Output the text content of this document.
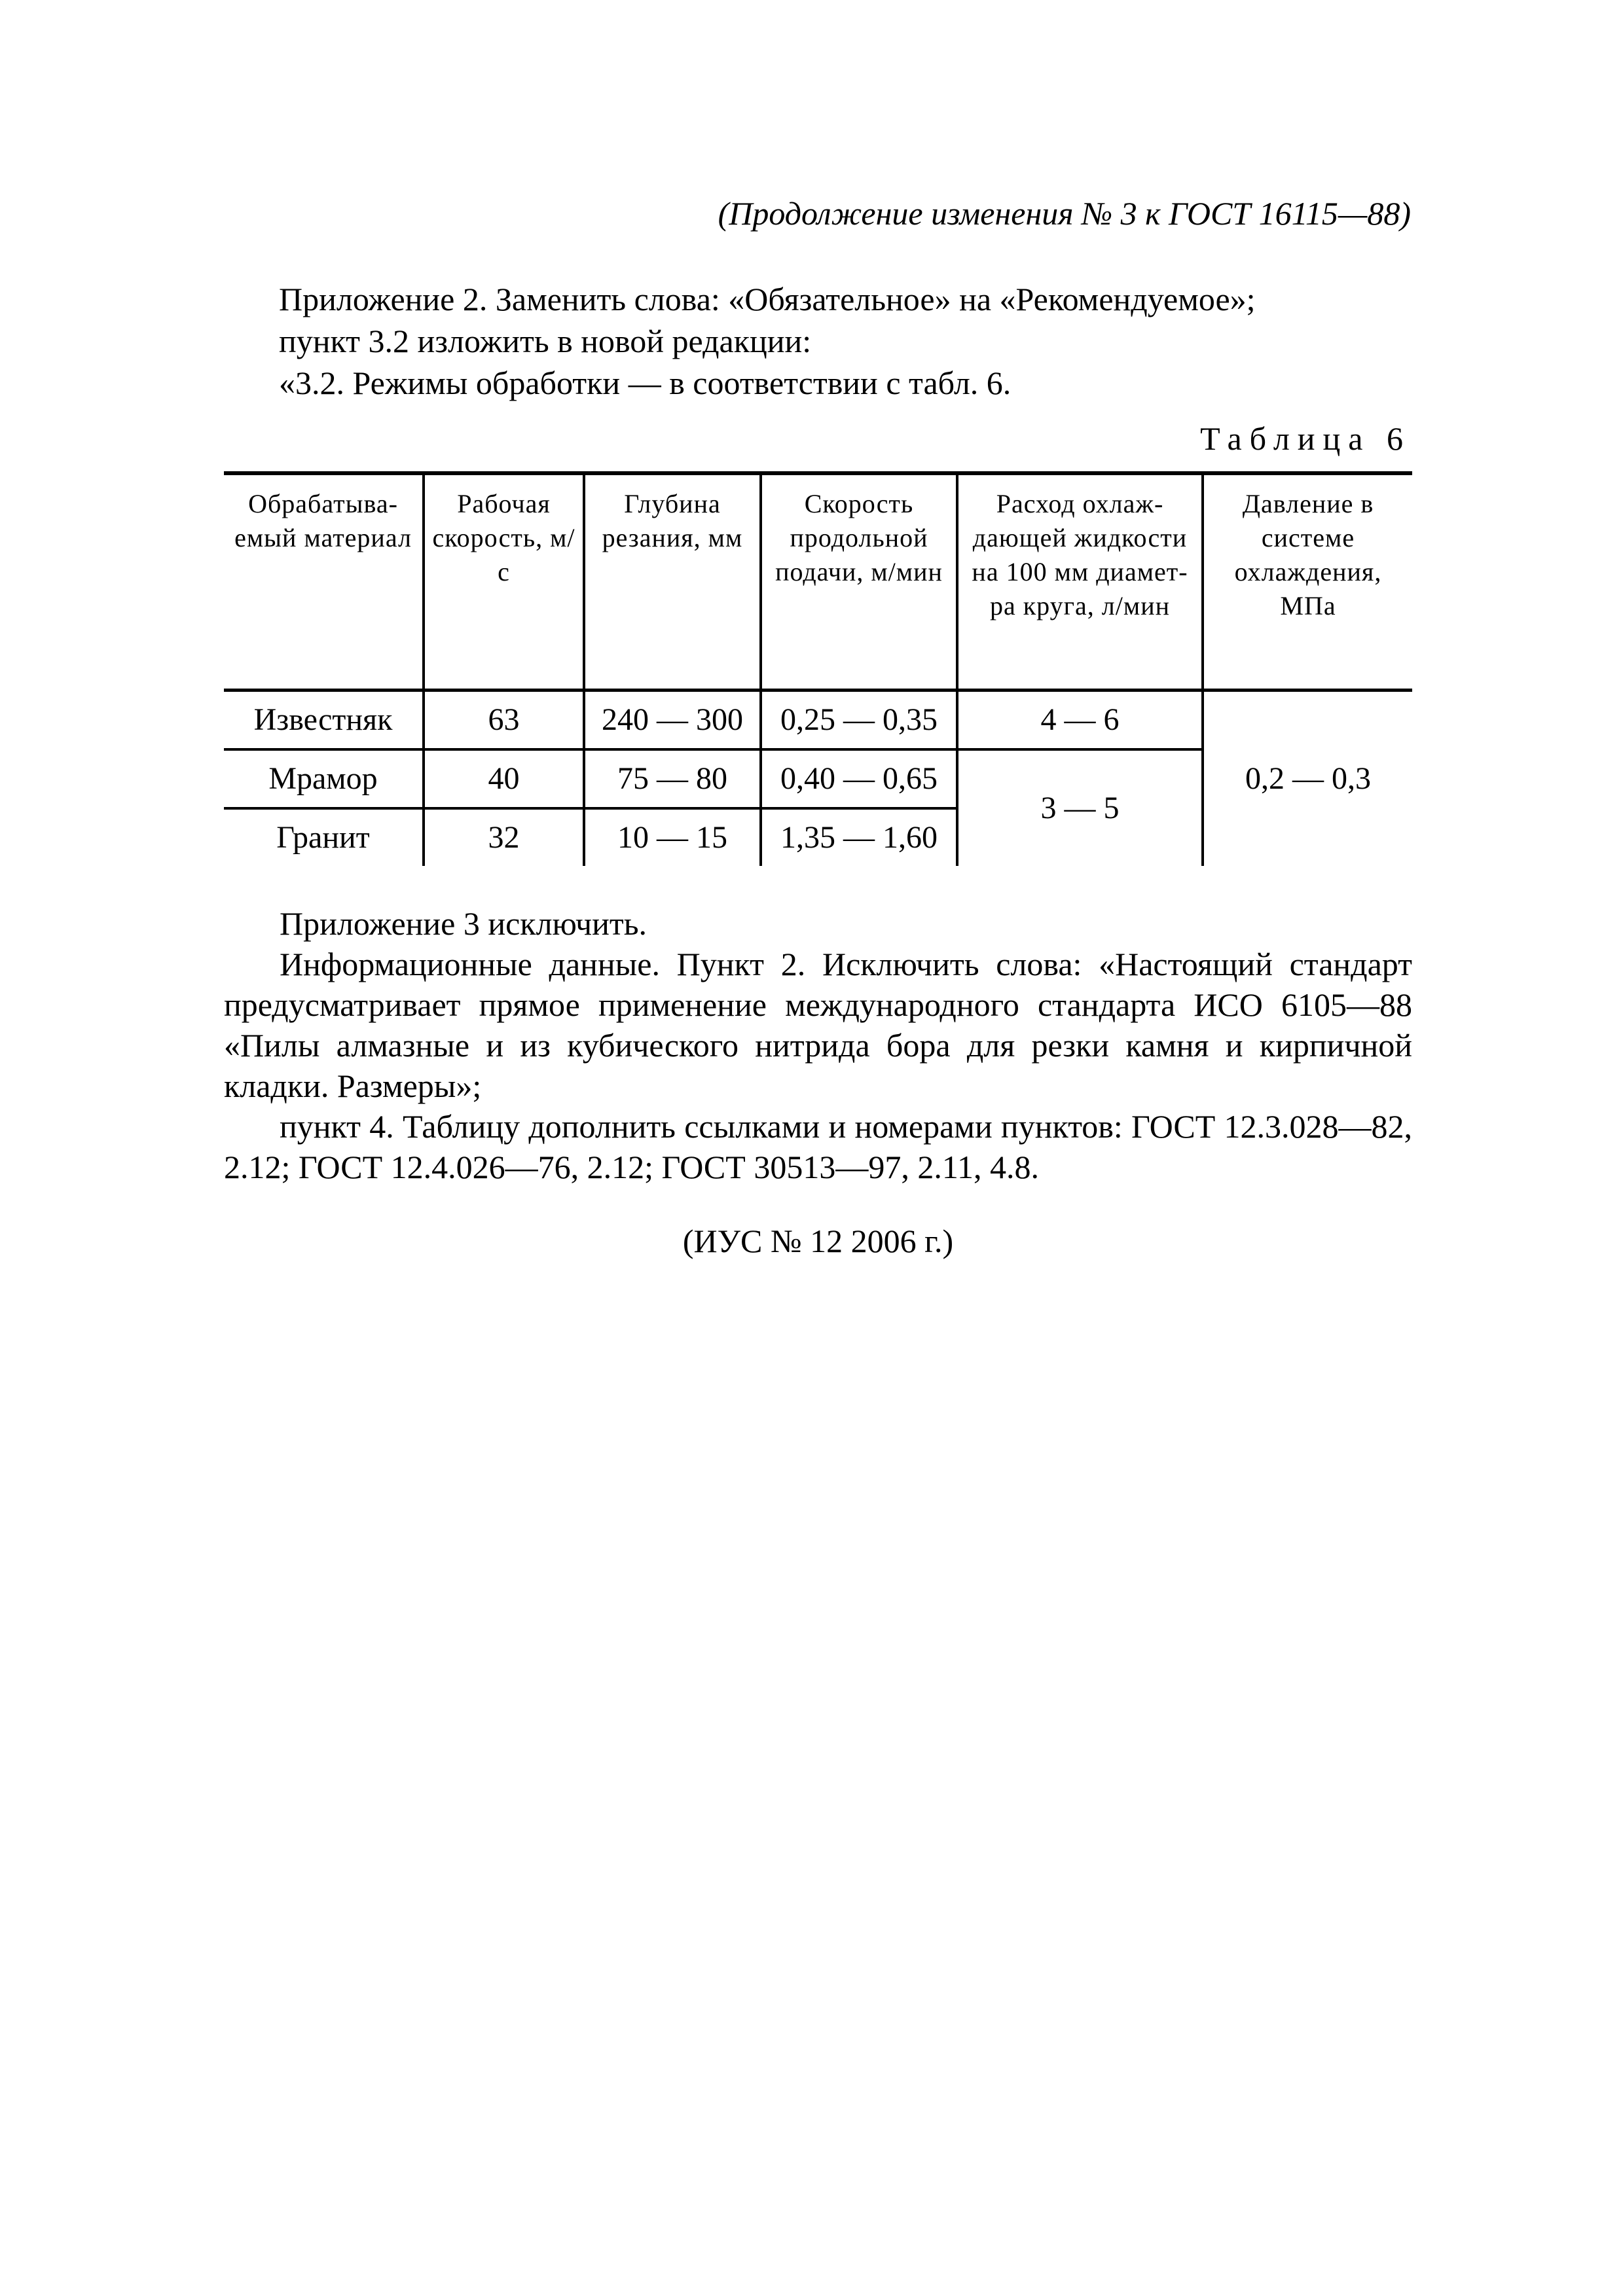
(Продолжение изменения № 3 к ГОСТ 16115—88)

Приложение 2. Заменить слова: «Обязательное» на «Рекомендуемое»;

пункт 3.2 изложить в новой редакции:

«3.2. Режимы обработки — в соответствии с табл. 6.

Таблица 6
Обрабатыва-емый материал	Рабочая скорость, м/с	Глубина резания, мм	Скорость продольной подачи, м/мин	Расход охлаж-дающей жидкости на 100 мм диамет-ра круга, л/мин	Давление в системе охлаждения, МПа
Известняк	63	240 — 300	0,25 — 0,35	4 — 6	0,2 — 0,3
Мрамор	40	75 — 80	0,40 — 0,65	3 — 5	
Гранит	32	10 — 15	1,35 — 1,60		

Приложение 3 исключить.

Информационные данные. Пункт 2. Исключить слова: «Настоящий стандарт предусматривает прямое применение международного стандарта ИСО 6105—88 «Пилы алмазные и из кубического нитрида бора для резки камня и кирпичной кладки. Размеры»;

пункт 4. Таблицу дополнить ссылками и номерами пунктов: ГОСТ 12.3.028—82, 2.12; ГОСТ 12.4.026—76, 2.12; ГОСТ 30513—97, 2.11, 4.8.

(ИУС № 12 2006 г.)
